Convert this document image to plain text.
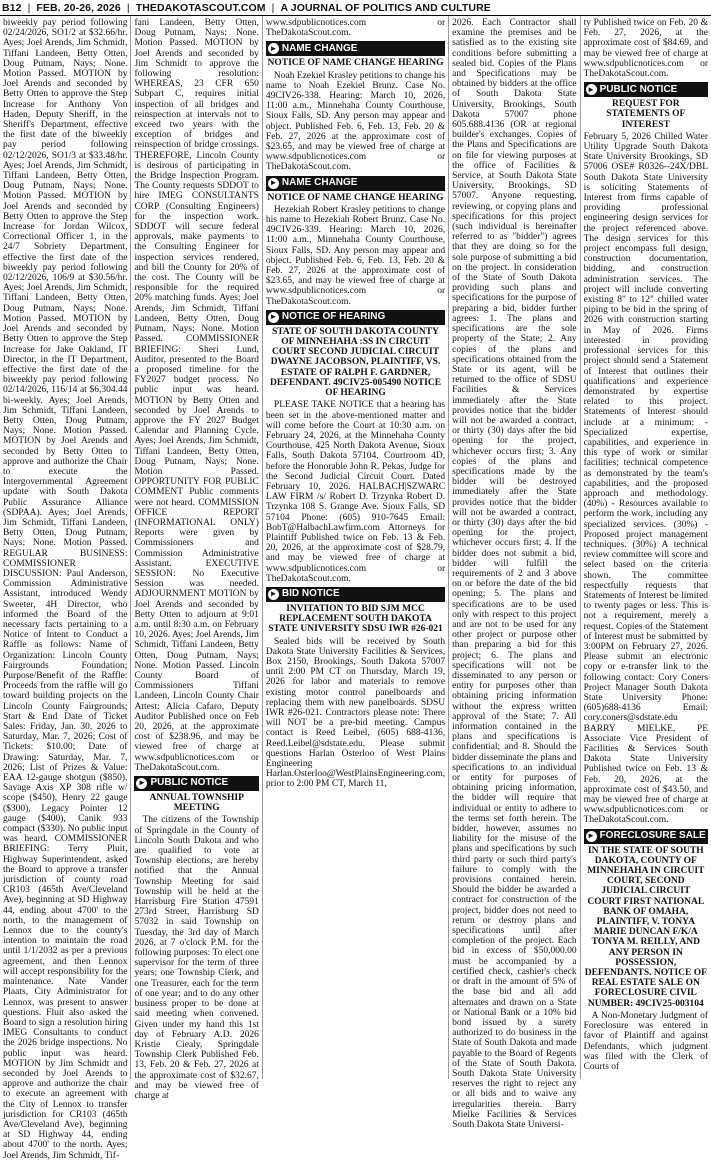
B12 | FEB. 20-26, 2026 | THEDAKOTASCOUT.COM | A JOURNAL OF POLITICS AND CULTURE

biweekly pay period following 02/24/2026, SO1/2 at $32.66/hr. Ayes; Joel Arends, Jim Schmidt, Tiffani Landeen, Betty Otten, Doug Putnam, Nays; None. Motion Passed. MOTION by Joel Arends and seconded by Betty Otten to approve the Step Increase for Anthony Von Haden, Deputy Sheriff, in the Sheriff's Department, effective the first date of the biweekly pay period following 02/12/2026, SO1/3 at $33.48/hr. Ayes; Joel Arends, Jim Schmidt, Tiffani Landeen, Betty Otten, Doug Putnam, Nays; None. Motion Passed. MOTION by Joel Arends and seconded by Betty Otten to approve the Step Increase for Jordan Wilcox, Correctional Officer 1, in the 24/7 Sobriety Department, effective the first date of the biweekly pay period following 02/12/2026, 106/9 at $30.56/hr. Ayes; Joel Arends, Jim Schmidt, Tiffani Landeen, Betty Otten, Doug Putnam, Nays; None. Motion Passed. MOTION by Joel Arends and seconded by Betty Otten to approve the Step Increase for Jake Oakland, IT Director, in the IT Department, effective the first date of the biweekly pay period following 02/14/2026, 116/14 at $6,304.44 bi-weekly. Ayes; Joel Arends, Jim Schmidt, Tiffani Landeen, Betty Otten, Doug Putnam, Nays; None. Motion Passed. MOTION by Joel Arends and seconded by Betty Otten to approve and authorize the Chair to execute the Intergovernmental Agreement update with South Dakota Public Assurance Alliance (SDPAA). Ayes; Joel Arends, Jim Schmidt, Tiffani Landeen, Betty Otten, Doug Putnam, Nays; None. Motion Passed. REGULAR BUSINESS: COMMISSIONER DISCUSSION: Paul Anderson, Commission Administrative Assistant, introduced Wendy Sweeter, 4H Director, who informed the Board of the necessary facts pertaining to a Notice of Intent to Conduct a Raffle as follows: Name of Organization: Lincoln County Fairgrounds Foundation; Purpose/Benefit of the Raffle: Proceeds from the raffle will go toward building projects on the Lincoln County Fairgrounds; Start & End Date of Ticket Sales: Friday, Jan. 30, 2026 to Saturday, Mar. 7, 2026; Cost of Tickets: $10.00; Date of Drawing: Saturday, Mar. 7, 2026; List of Prizes & Value: EAA 12-gauge shotgun ($850), Savage Axis XP 308 rifle w/ scope ($450), Henry 22 gauge ($300), Legacy Pointer 12 gauge ($400), Canik 933 compact ($330). No public input was heard. COMMISSIONER BRIEFING: Terry Pluit, Highway Superintendent, asked the Board to approve a transfer jurisdiction of county road CR103 (465th Ave/Cleveland Ave), beginning at SD Highway 44, ending about 4700' to the north, to the management of Lennox due to the county's intention to maintain the road until 1/1/2032 as per a previous agreement, and then Lennox will accept responsibility for the maintenance. Nate Vander Plaats, City Administrator for Lennox, was present to answer questions. Fluit also asked the Board to sign a resolution hiring IMEG Consultants to conduct the 2026 bridge inspections. No public input was heard. MOTION by Jim Schmidt and seconded by Joel Arends to approve and authorize the chair to execute an agreement with the City of Lennox to transfer jurisdiction for CR103 (465th Ave/Cleveland Ave), beginning at SD Highway 44, ending about 4700' to the north. Ayes; Joel Arends, Jim Schmidt, Tif-

fani Landeen, Betty Otten, Doug Putnam, Nays; None. Motion Passed. MOTION by Joel Arends and seconded by Jim Schmidt to approve the following resolution: WHEREAS, 23 CFR 650 Subpart C, requires initial inspection of all bridges and reinspection at intervals not to exceed two years with the exception of bridges and reinspection of bridge crossings. THEREFORE, Lincoln County is desirous of participating in the Bridge Inspection Program. The County requests SDDOT to hire IMEG CONSULTANTS CORP (Consulting Engineers) for the inspection work. SDDOT will secure federal approvals, make payments to the Consulting Engineer for inspection services rendered, and bill the County for 20% of the cost. The County will be responsible for the required 20% matching funds. Ayes; Joel Arends, Jim Schmidt, Tiffani Landeen, Betty Otten, Doug Putnam, Nays; None. Motion Passed. COMMISSIONER BRIEFING: Sheri Lund, Auditor, presented to the Board a proposed timeline for the FY2027 budget process. No public input was heard. MOTION by Betty Otten and seconded by Joel Arends to approve the FY 2027 Budget Calendar and Planning Cycle. Ayes; Joel Arends, Jim Schmidt, Tiffani Landeen, Betty Otten, Doug Putnam, Nays; None. Motion Passed. OPPORTUNITY FOR PUBLIC COMMENT Public comments were not heard. COMMISSION OFFICE REPORT (INFORMATIONAL ONLY) Reports were given by Commissioners and Commission Administrative Assistant. EXECUTIVE SESSION: No Executive Session was needed. ADJOURNMENT MOTION by Joel Arends and seconded by Betty Otten to adjourn at 9:01 a.m. until 8:30 a.m. on February 10, 2026. Ayes; Joel Arends, Jim Schmidt, Tiffani Landeen, Betty Otten, Doug Putnam, Nays; None. Motion Passed. Lincoln County Board of Commissioners Tiffani Landeen, Lincoln County Chair Attest: Alicia Cafaro, Deputy Auditor Published once on Feb 20, 2026, at the approximate cost of $238.96, and may be viewed free of charge at www.sdpublicnotices.com or TheDakotaScout.com.

► PUBLIC NOTICE
ANNUAL TOWNSHIP MEETING

The citizens of the Township of Springdale in the County of Lincoln South Dakota and who are qualified to vote at Township elections, are hereby notified that the Annual Township Meeting for said Township will be held at the Harrisburg Fire Station 47591 273rd Street, Harrisburg SD 57032 in said Township on Tuesday, the 3rd day of March 2026, at 7 o'clock P.M. for the following purposes: To elect one supervisor for the term of three years; one Township Clerk, and one Treasurer, each for the term of one year; and to do any other business proper to be done at said meeting when convened. Given under my hand this 1st day of February A.D. 2026 Kristie Ciealy, Springdale Township Clerk Published Feb. 13, Feb. 20 & Feb. 27, 2026 at the approximate cost of $32.67, and may be viewed free of charge at

www.sdpublicnotices.com or TheDakotaScout.com.

► NAME CHANGE
NOTICE OF NAME CHANGE HEARING

Noah Ezekiel Krasley petitions to change his name to Noah Ezekiel Brunz. Case No. 49CIV26-338. Hearing: March 10, 2026, 11:00 a.m., Minnehaha County Courthouse, Sioux Falls, SD. Any person may appear and object. Published Feb. 6, Feb. 13, Feb. 20 & Feb. 27, 2026 at the approximate cost of $23.65, and may be viewed free of charge at www.sdpublicnotices.com or TheDakotaScout.com.

► NAME CHANGE
NOTICE OF NAME CHANGE HEARING

Hezekiah Robert Krasley petitions to change his name to Hezekiah Robert Brunz. Case No. 49CIV26-339. Hearing: March 10, 2026, 11:00 a.m., Minnehaha County Courthouse, Sioux Falls, SD. Any person may appear and object. Published Feb. 6, Feb. 13, Feb. 20 & Feb. 27, 2026 at the approximate cost of $23.65, and may be viewed free of charge at www.sdpublicnotices.com or TheDakotaScout.com.

► NOTICE OF HEARING
STATE OF SOUTH DAKOTA COUNTY OF MINNEHAHA :SS IN CIRCUIT COURT SECOND JUDICIAL CIRCUIT DWAYNE JACOBSON, PLAINTIFF, VS. ESTATE OF RALPH F. GARDNER, DEFENDANT. 49CIV25-005490 NOTICE OF HEARING

PLEASE TAKE NOTICE that a hearing has been set in the above-mentioned matter and will come before the Court at 10:30 a.m. on February 24, 2026, at the Minnehaha County Courthouse, 425 North Dakota Avenue, Sioux Falls, South Dakota 57104, Courtroom 4D, before the Honorable John R. Pekas, Judge for the Second Judicial Circuit Court. Dated February 10, 2026. HALBACH|SZWARC LAW FIRM /s/ Robert D. Trzynka Robert D. Trzynka 108 S. Grange Ave. Sioux Falls, SD 57104 Phone: (605) 910-7645 Email: BobT@HalbachLawfirm.com Attorneys for Plaintiff Published twice on Feb. 13 & Feb. 20, 2026, at the approximate cost of $28.79, and may be viewed free of charge at www.sdpublicnotices.com or TheDakotaScout.com.

► BID NOTICE
INVITATION TO BID SJM MCC REPLACEMENT SOUTH DAKOTA STATE UNIVERSITY SDSU IWR #26-021

Sealed bids will be received by South Dakota State University Facilities & Services, Box 2150, Brookings, South Dakota 57007 until 2:00 PM CT on Thursday, March 19, 2026 for labor and materials to remove existing motor control panelboards and replacing them with new panelboards. SDSU IWR #26-021. Contractors please note: There will NOT be a pre-bid meeting. Campus contact is Reed Leibel, (605) 688-4136, Reed.Leibel@sdstate.edu. Please submit questions Harlan Osterloo of West Plains Engineering Harlan.Osterloo@WestPlainsEngineering.com, prior to 2:00 PM CT, March 11,

2026. Each Contractor shall examine the premises and be satisfied as to the existing site conditions before submitting a sealed bid. Copies of the Plans and Specifications may be obtained by bidders at the office of South Dakota State University, Brookings, South Dakota 57007 phone 605.688.4136 (OR at regional builder's exchanges. Copies of the Plans and Specifications are on file for viewing purposes at the office of Facilities & Service, at South Dakota State University, Brookings, SD 57007. Anyone requesting, reviewing, or copying plans and specifications for this project (such individual is hereinafter referred to as "bidder") agrees that they are doing so for the sole purpose of submitting a bid on the project. In consideration of the State of South Dakota providing such plans and specifications for the purpose of preparing a bid, bidder further agrees: 1. The plans and specifications are the sole property of the State; 2. Any copies of the plans and specifications obtained from the State or its agent, will be returned to the office of SDSU Facilities & Services immediately after the State provides notice that the bidder will not be awarded a contract, or thirty (30) days after the bid opening for the project, whichever occurs first; 3. Any copies of the plans and specifications made by the bidder will be destroyed immediately after the State provides notice that the bidder will not be awarded a contract, or thirty (30) days after the bid opening for the project, whichever occurs first; 4. If the bidder does not submit a bid, bidder will fulfill the requirements of 2 and 3 above on or before the date of the bid opening; 5. The plans and specifications are to be used only with respect to this project and are not to be used for any other project or purpose other than preparing a bid for this project; 6. The plans and specifications will not be disseminated to any person or entity for purposes other than obtaining pricing information without the express written approval of the State; 7. All information contained in the plans and specifications is confidential; and 8. Should the bidder disseminate the plans and specifications to an individual or entity for purposes of obtaining pricing information, the bidder will require that individual or entity to adhere to the terms set forth herein. The bidder, however, assumes no liability for the misuse of the plans and specifications by such third party or such third party's failure to comply with the provisions contained herein. Should the bidder be awarded a contract for construction of the project, bidder does not need to return or destroy plans and specifications until after completion of the project. Each bid in excess of $50,000.00 must be accompanied by a certified check, cashier's check or draft in the amount of 5% of the base bid and all add alternates and drawn on a State or National Bank or a 10% bid bond issued by a surety authorized to do business in the State of South Dakota and made payable to the Board of Regents of the State of South Dakota. South Dakota State University reserves the right to reject any or all bids and to waive any irregularities therein. Barry Mielke Facilities & Services South Dakota State Universi-

ty Published twice on Feb. 20 & Feb. 27, 2026, at the approximate cost of $84.69, and may be viewed free of charge at www.sdpublicnotices.com or TheDakotaScout.com.

► PUBLIC NOTICE
REQUEST FOR STATEMENTS OF INTEREST

February 5, 2026 Chilled Water Utility Upgrade South Dakota State University Brookings, SD 57006 OSE# R0326--24X/DBL South Dakota State University is soliciting Statements of Interest from firms capable of providing professional engineering design services for the project referenced above. The design services for this project encompass full design, construction documentation, bidding, and construction administration services. The project will include converting existing 8" to 12" chilled water piping to be bid in the spring of 2026 with construction starting in May of 2026. Firms interested in providing professional services for this project should send a Statement of Interest that outlines their qualifications and experience demonstrated by expertise related to this project. Statements of Interest should include at a minimum: - Specialized expertise, capabilities, and experience in this type of work or similar facilities; technical competence as demonstrated by the team's capabilities, and the proposed approach and methodology. (40%) - Resources available to perform the work, including any specialized services. (30%) - Proposed project management techniques. (30%) A technical review committee will score and select based on the criteria shown. The committee respectfully requests that Statements of Interest be limited to twenty pages or less. This is not a requirement, merely a request. Copies of the Statement of Interest must be submitted by 3:00PM on February 27, 2026. Please submit an electronic copy or e-transfer link to the following contact: Cory Coners Project Manager South Dakota State University Phone: (605)688-4136 Email: cory.coners@sdstate.edu BARRY MIELKE, PE Associate Vice President of Facilities & Services South Dakota State University Published twice on Feb. 13 & Feb. 20, 2026, at the approximate cost of $43.50, and may be viewed free of charge at www.sdpublicnotices.com or TheDakotaScout.com.

► FORECLOSURE SALE
IN THE STATE OF SOUTH DAKOTA, COUNTY OF MINNEHAHA IN CIRCUIT COURT, SECOND JUDICIAL CIRCUIT COURT FIRST NATIONAL BANK OF OMAHA, PLAINTIFF, V. TONYA MARIE DUNCAN F/K/A TONYA M. REILLY, AND ANY PERSON IN POSSESSION, DEFENDANTS. NOTICE OF REAL ESTATE SALE ON FORECLOSURE CIVIL NUMBER: 49CIV25-003104

A Non-Monetary Judgment of Foreclosure was entered in favor of Plaintiff and against Defendants, which judgment was filed with the Clerk of Courts of
